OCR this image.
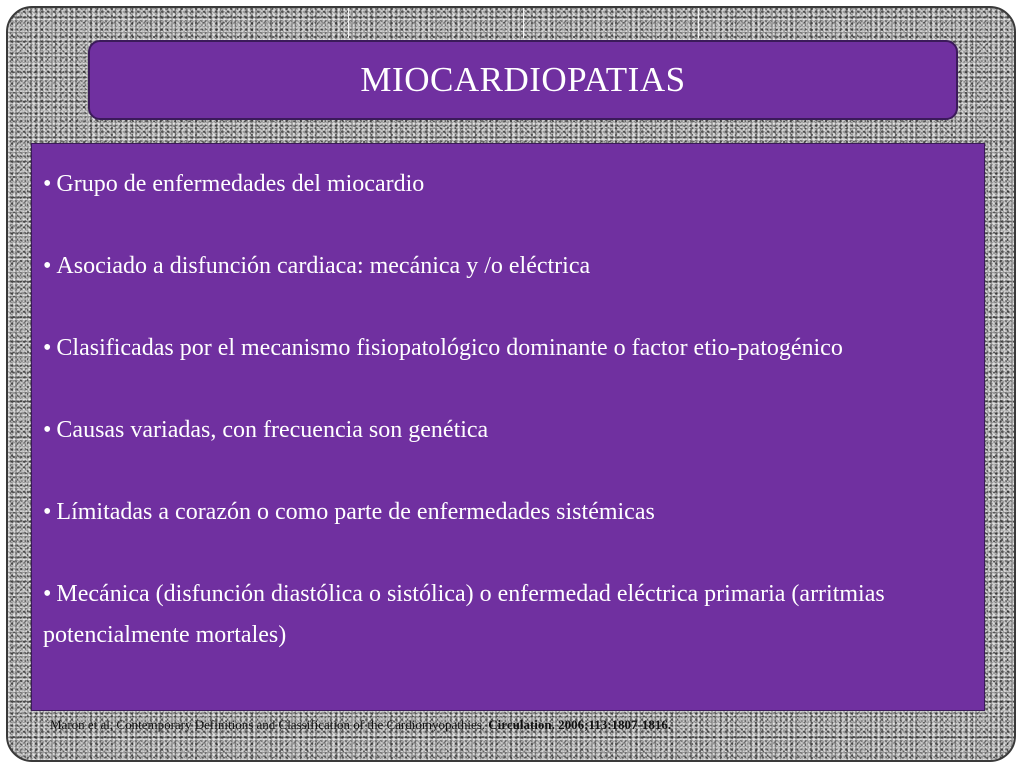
MIOCARDIOPATIAS

• Grupo de enfermedades del miocardio

• Asociado a disfunción cardiaca: mecánica y /o eléctrica

• Clasificadas por el mecanismo fisiopatológico dominante o factor etio-patogénico

• Causas variadas, con frecuencia son genética

• Límitadas a corazón o como parte de enfermedades sistémicas

• Mecánica (disfunción diastólica o sistólica) o enfermedad eléctrica primaria (arritmias potencialmente mortales)

Maron et al, Contemporary Definitions and Classification of the Cardiomyopathies. Circulation. 2006;113:1807-1816.
